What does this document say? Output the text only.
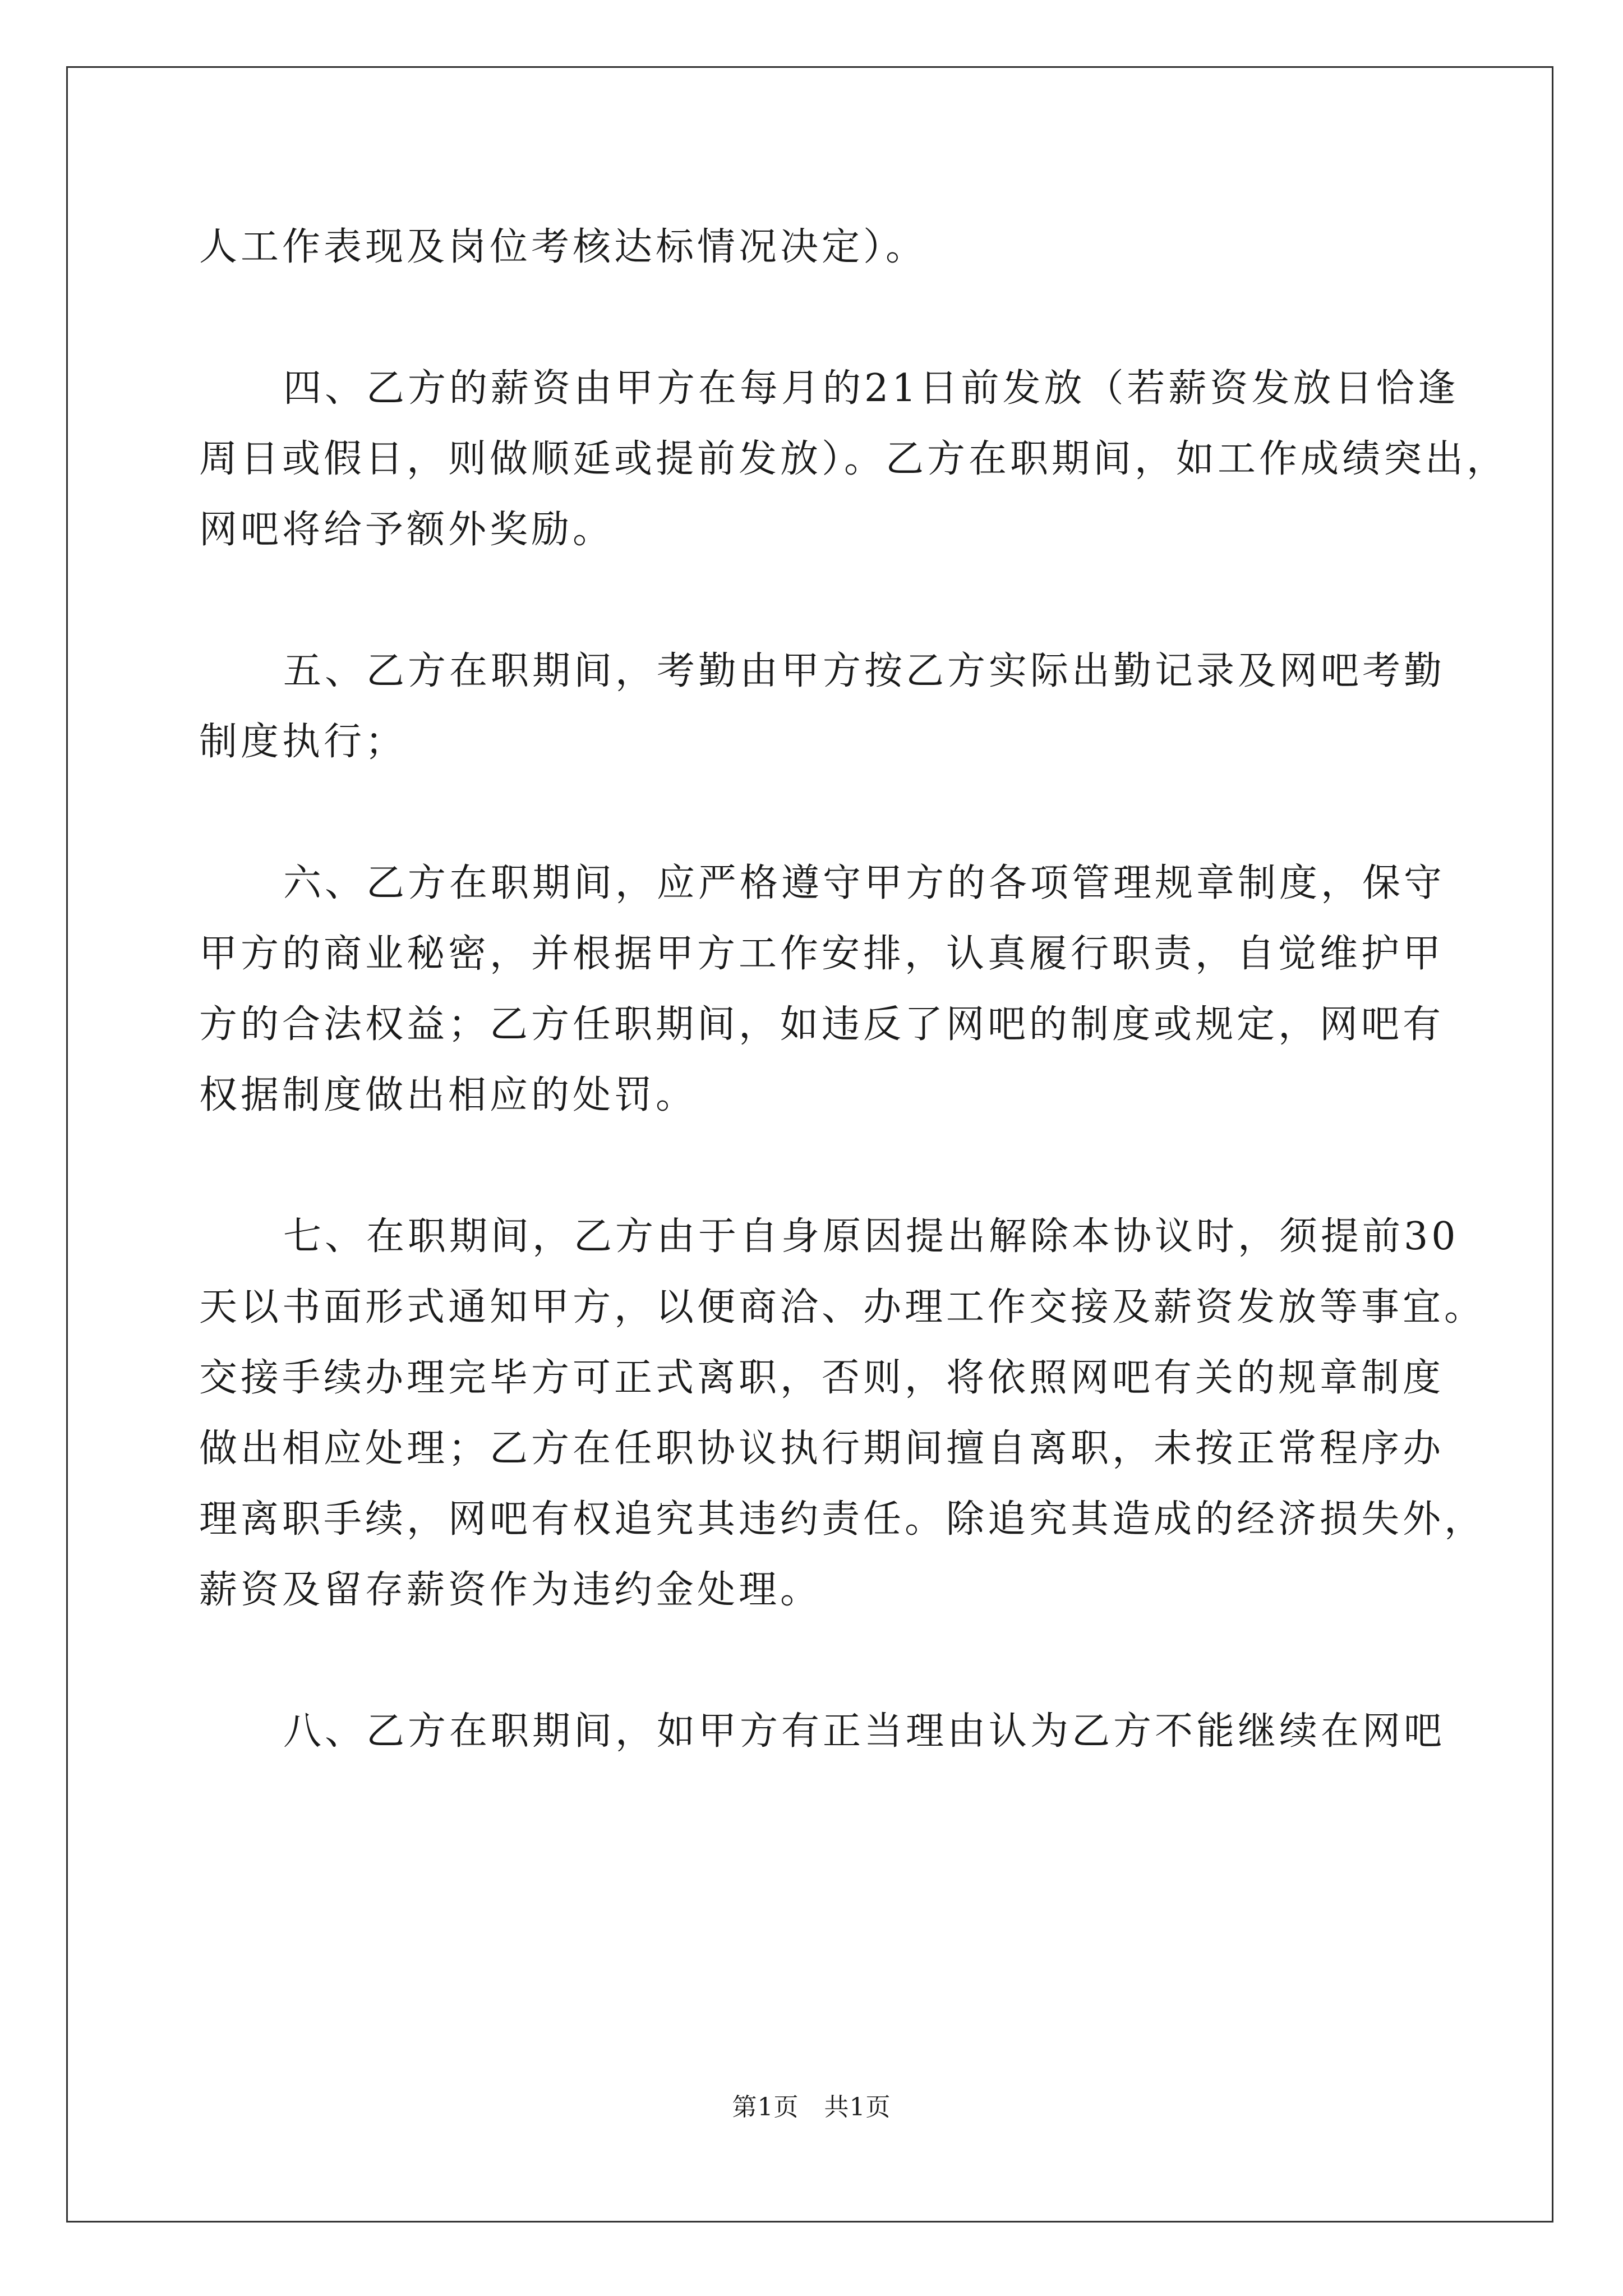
人工作表现及岗位考核达标情况决定）。
四、乙方的薪资由甲方在每月的21日前发放（若薪资发放日恰逢
周日或假日，则做顺延或提前发放）。乙方在职期间，如工作成绩突出，
网吧将给予额外奖励。
五、乙方在职期间，考勤由甲方按乙方实际出勤记录及网吧考勤
制度执行；
六、乙方在职期间，应严格遵守甲方的各项管理规章制度，保守
甲方的商业秘密，并根据甲方工作安排，认真履行职责，自觉维护甲
方的合法权益；乙方任职期间，如违反了网吧的制度或规定，网吧有
权据制度做出相应的处罚。
七、在职期间，乙方由于自身原因提出解除本协议时，须提前30
天以书面形式通知甲方，以便商洽、办理工作交接及薪资发放等事宜。
交接手续办理完毕方可正式离职，否则，将依照网吧有关的规章制度
做出相应处理；乙方在任职协议执行期间擅自离职，未按正常程序办
理离职手续，网吧有权追究其违约责任。除追究其造成的经济损失外，
薪资及留存薪资作为违约金处理。
八、乙方在职期间，如甲方有正当理由认为乙方不能继续在网吧
第1页　共1页
